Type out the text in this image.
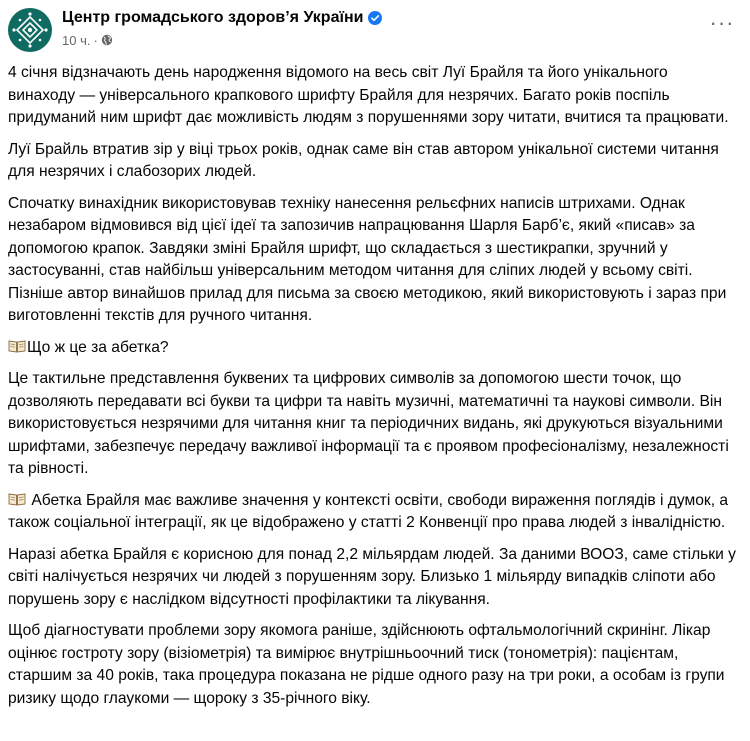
Центр громадського здоров’я України
10 ч. ·
···

4 січня відзначають день народження відомого на весь світ Луї Брайля та його унікального винаходу — універсального крапкового шрифту Брайля для незрячих. Багато років поспіль придуманий ним шрифт дає можливість людям з порушеннями зору читати, вчитися та працювати.

Луї Брайль втратив зір у віці трьох років, однак саме він став автором унікальної системи читання для незрячих і слабозорих людей.

Спочатку винахідник використовував техніку нанесення рельєфних написів штрихами. Однак незабаром відмовився від цієї ідеї та запозичив напрацювання Шарля Барб’є, який «писав» за допомогою крапок. Завдяки зміні Брайля шрифт, що складається з шестикрапки, зручний у застосуванні, став найбільш універсальним методом читання для сліпих людей у всьому світі. Пізніше автор винайшов прилад для письма за своєю методикою, який використовують і зараз при виготовленні текстів для ручного читання.

Що ж це за абетка?

Це тактильне представлення буквених та цифрових символів за допомогою шести точок, що дозволяють передавати всі букви та цифри та навіть музичні, математичні та наукові символи. Він використовується незрячими для читання книг та періодичних видань, які друкуються візуальними шрифтами, забезпечує передачу важливої інформації та є проявом професіоналізму, незалежності та рівності.

Абетка Брайля має важливе значення у контексті освіти, свободи вираження поглядів і думок, а також соціальної інтеграції, як це відображено у статті 2 Конвенції про права людей з інвалідністю.

Наразі абетка Брайля є корисною для понад 2,2 мільярдам людей. За даними ВООЗ, саме стільки у світі налічується незрячих чи людей з порушенням зору. Близько 1 мільярду випадків сліпоти або порушень зору є наслідком відсутності профілактики та лікування.

Щоб діагностувати проблеми зору якомога раніше, здійснюють офтальмологічний скринінг. Лікар оцінює гостроту зору (візіометрія) та вимірює внутрішньоочний тиск (тонометрія): пацієнтам, старшим за 40 років, така процедура показана не рідше одного разу на три роки, а особам із групи ризику щодо глаукоми — щороку з 35-річного віку.
